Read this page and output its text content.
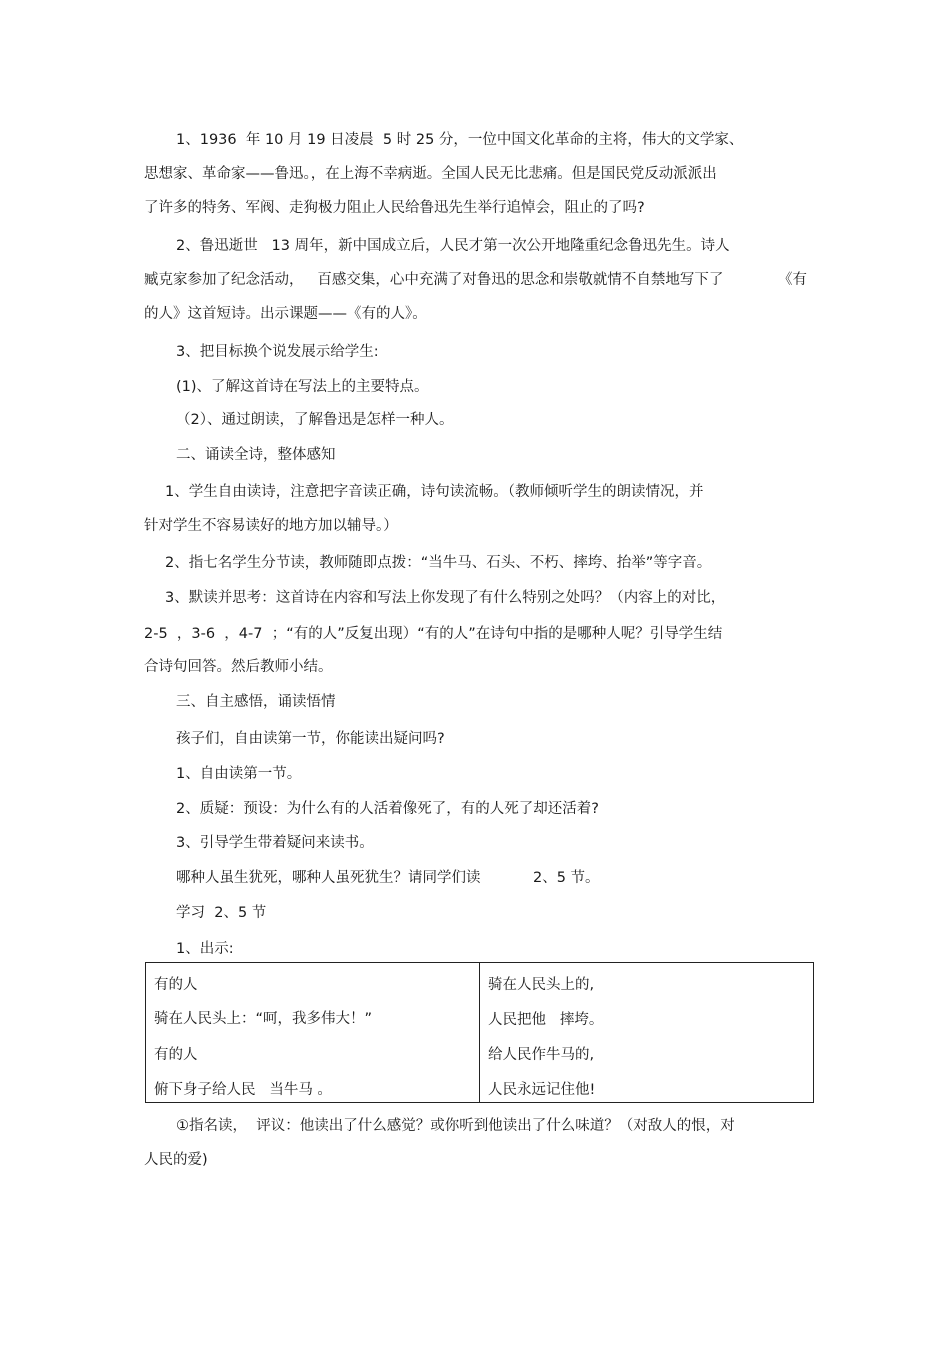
1、1936  年 10 月 19 日凌晨  5 时 25 分，一位中国文化革命的主将，伟大的文学家、
思想家、革命家——鲁迅。，在上海不幸病逝。全国人民无比悲痛。但是国民党反动派派出
了许多的特务、军阀、走狗极力阻止人民给鲁迅先生举行追悼会，阻止的了吗?
2、鲁迅逝世   13 周年，新中国成立后，人民才第一次公开地隆重纪念鲁迅先生。诗人
臧克家参加了纪念活动，   百感交集，心中充满了对鲁迅的思念和崇敬就情不自禁地写下了	《有
的人》这首短诗。出示课题——《有的人》。
3、把目标换个说发展示给学生:
(1)、了解这首诗在写法上的主要特点。
（2）、通过朗读，了解鲁迅是怎样一种人。
二、诵读全诗，整体感知
1、学生自由读诗，注意把字音读正确，诗句读流畅。（教师倾听学生的朗读情况，并
针对学生不容易读好的地方加以辅导。）
2、指七名学生分节读，教师随即点拨：“当牛马、石头、不朽、摔垮、抬举”等字音。
3、默读并思考：这首诗在内容和写法上你发现了有什么特别之处吗？（内容上的对比，
2-5  ，3-6  ，4-7  ；“有的人”反复出现）“有的人”在诗句中指的是哪种人呢？引导学生结
合诗句回答。然后教师小结。
三、自主感悟，诵读悟情
孩子们，自由读第一节，你能读出疑问吗?
1、自由读第一节。
2、质疑：预设：为什么有的人活着像死了，有的人死了却还活着?
3、引导学生带着疑问来读书。
哪种人虽生犹死，哪种人虽死犹生？请同学们读	2、5 节。
学习  2、5 节
1、出示:
①指名读，  评议：他读出了什么感觉？或你听到他读出了什么味道？（对敌人的恨，对
人民的爱)
有的人
骑在人民头上：“呵，我多伟大！”
有的人
俯下身子给人民   当牛马 。

骑在人民头上的,
人民把他   摔垮。
给人民作牛马的,
人民永远记住他!
